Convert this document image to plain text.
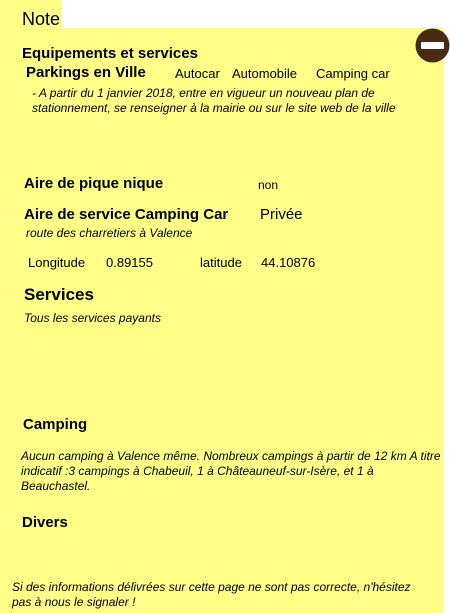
Note
Equipements et services
Parkings en Ville Autocar Automobile Camping car
- A partir du 1 janvier 2018, entre en vigueur un nouveau plan de stationnement, se renseigner à la mairie ou sur le site web de la ville
Aire de pique nique	non
Aire de service Camping Car Privée
route des charretiers à Valence
Longitude 0.89155	latitude 44.10876
Services
Tous les services payants
Camping
Aucun camping à Valence même. Nombreux campings à partir de 12 km A titre indicatif :3 campings à Chabeuil, 1 à Châteauneuf-sur-Isère, et 1 à Beauchastel.
Divers
Si des informations délivrées sur cette page ne sont pas correcte, n'hésitez pas à nous le signaler !
